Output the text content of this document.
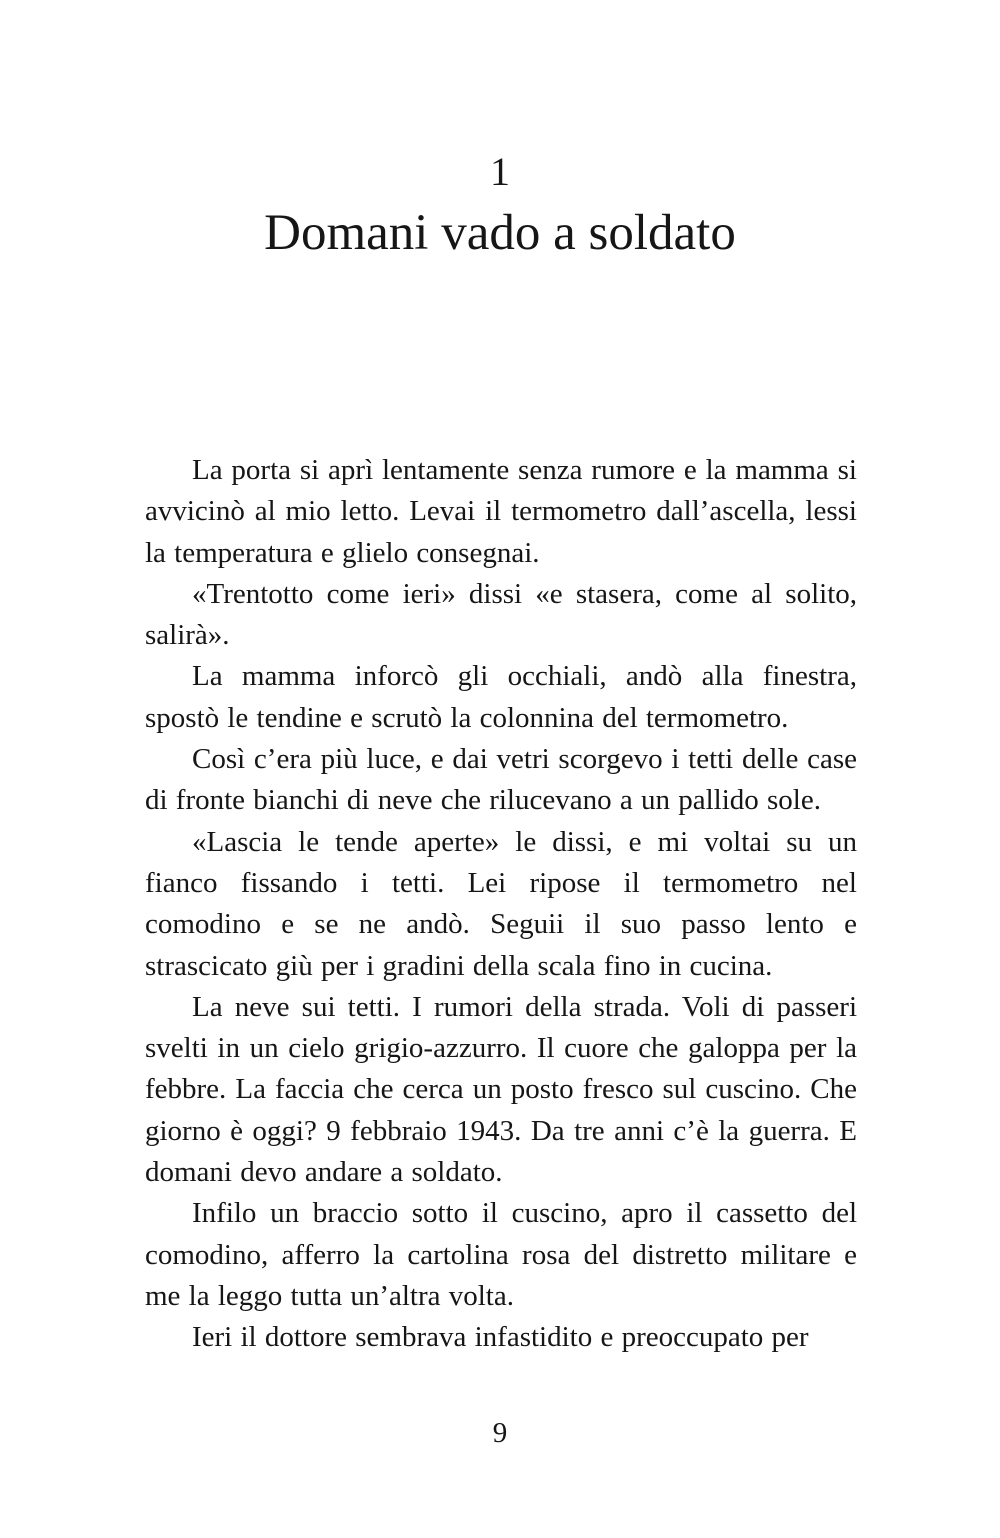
1
Domani vado a soldato

La porta si aprì lentamente senza rumore e la mamma si avvicinò al mio letto. Levai il termometro dall’ascella, lessi la temperatura e glielo consegnai.

«Trentotto come ieri» dissi «e stasera, come al solito, salirà».

La mamma inforcò gli occhiali, andò alla finestra, spostò le tendine e scrutò la colonnina del termometro.

Così c’era più luce, e dai vetri scorgevo i tetti delle case di fronte bianchi di neve che rilucevano a un pallido sole.

«Lascia le tende aperte» le dissi, e mi voltai su un fianco fissando i tetti. Lei ripose il termometro nel comodino e se ne andò. Seguii il suo passo lento e strascicato giù per i gradini della scala fino in cucina.

La neve sui tetti. I rumori della strada. Voli di passeri svelti in un cielo grigio-azzurro. Il cuore che galoppa per la febbre. La faccia che cerca un posto fresco sul cuscino. Che giorno è oggi? 9 febbraio 1943. Da tre anni c’è la guerra. E domani devo andare a soldato.

Infilo un braccio sotto il cuscino, apro il cassetto del comodino, afferro la cartolina rosa del distretto militare e me la leggo tutta un’altra volta.

Ieri il dottore sembrava infastidito e preoccupato per

9
